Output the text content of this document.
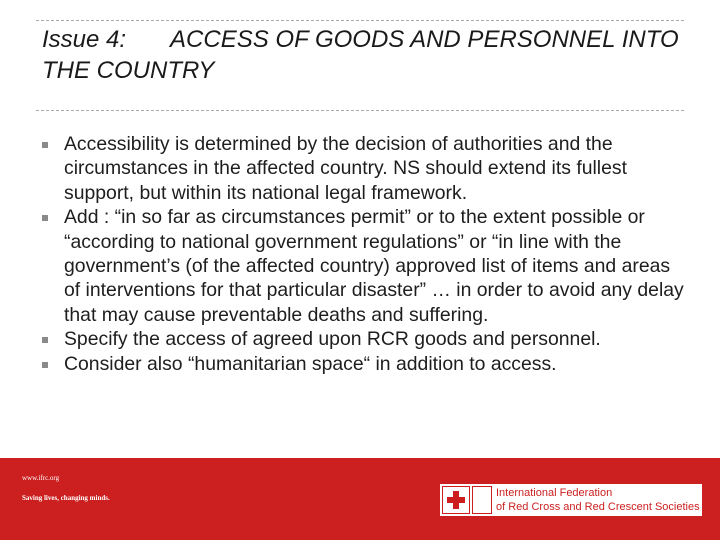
Issue 4: ACCESS OF GOODS AND PERSONNEL INTO THE COUNTRY
Accessibility is determined by the decision of authorities and the circumstances in the affected country. NS should extend its fullest support, but within its national legal framework.
Add : “in so far as circumstances permit” or to the extent possible or “according to national government regulations” or “in line with the government’s (of the affected country) approved list of items and areas of interventions for that particular disaster” … in order to avoid any delay that may cause preventable deaths and suffering.
Specify the access of agreed upon RCR goods and personnel.
Consider also “humanitarian space“ in addition to access.
www.ifrc.org
Saving lives, changing minds.	International Federation
of Red Cross and Red Crescent Societies
